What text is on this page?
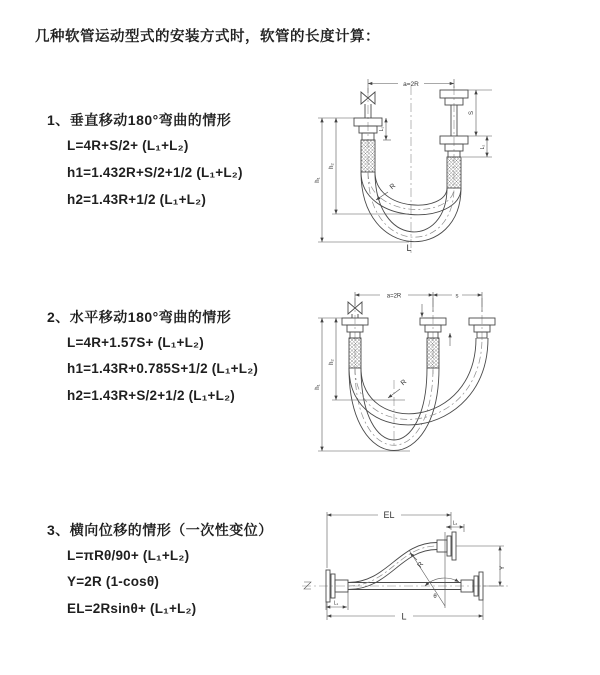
几种软管运动型式的安装方式时，软管的长度计算：
1、垂直移动180°弯曲的情形
L=4R+S/2+ (L₁+L₂)
h1=1.432R+S/2+1/2 (L₁+L₂)
h2=1.43R+1/2 (L₁+L₂)
2、水平移动180°弯曲的情形
L=4R+1.57S+ (L₁+L₂)
h1=1.43R+0.785S+1/2 (L₁+L₂)
h2=1.43R+S/2+1/2 (L₁+L₂)
3、横向位移的情形（一次性变位）
L=πRθ/90+ (L₁+L₂)
Y=2R (1-cosθ)
EL=2Rsinθ+ (L₁+L₂)
a=2R
h₁
h₂
L₁
S
L₂
R
L
a=2R	s
h₁
h₂
R
EL
L₂
Y
θ
R
L₁
L
